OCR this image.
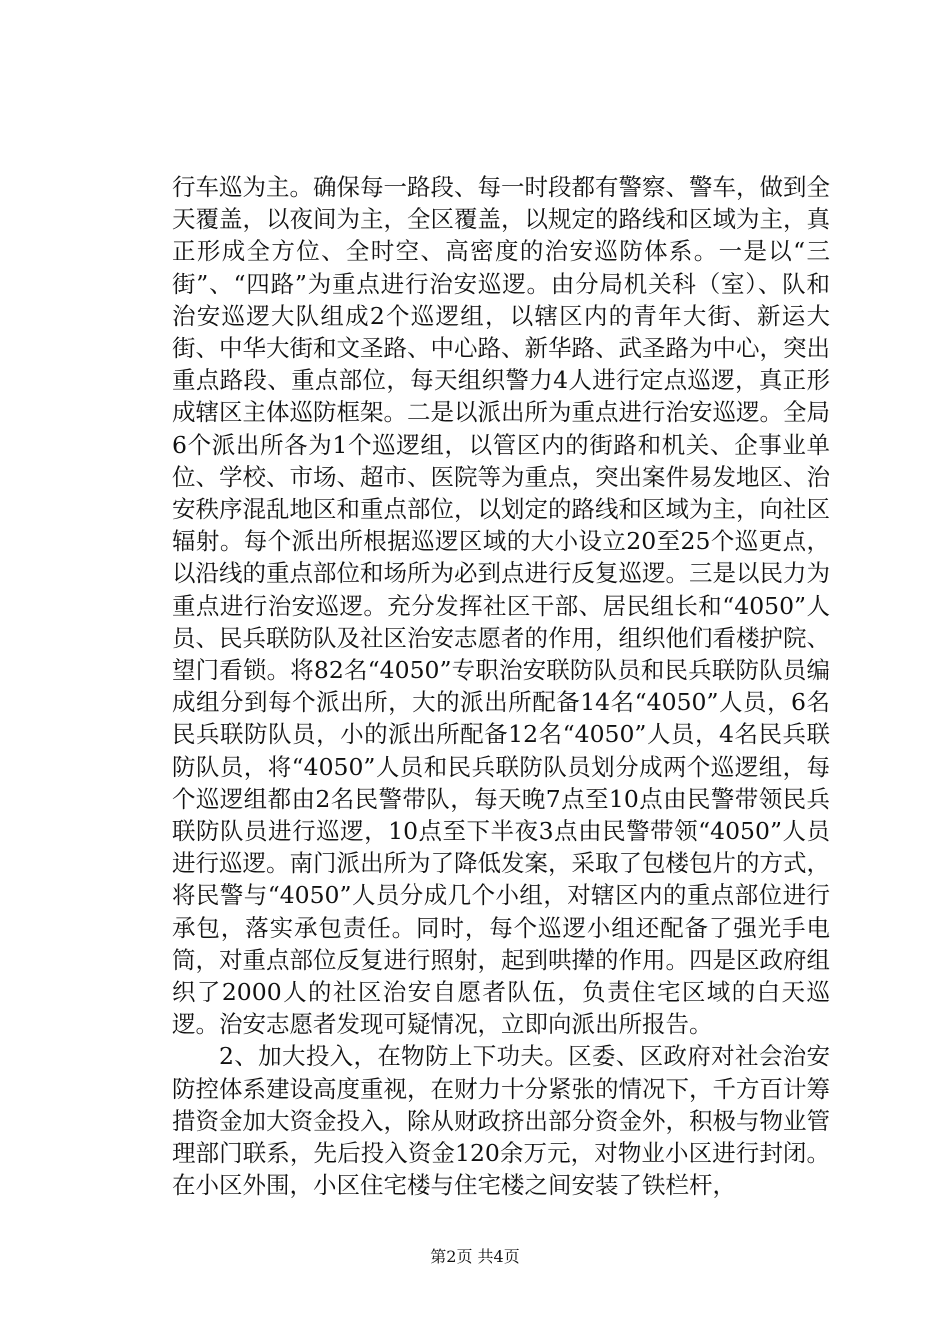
行车巡为主。确保每一路段、每一时段都有警察、警车，做到全天覆盖，以夜间为主，全区覆盖，以规定的路线和区域为主，真正形成全方位、全时空、高密度的治安巡防体系。一是以“三街”、“四路”为重点进行治安巡逻。由分局机关科（室）、队和治安巡逻大队组成2个巡逻组，以辖区内的青年大街、新运大街、中华大街和文圣路、中心路、新华路、武圣路为中心，突出重点路段、重点部位，每天组织警力4人进行定点巡逻，真正形成辖区主体巡防框架。二是以派出所为重点进行治安巡逻。全局6个派出所各为1个巡逻组，以管区内的街路和机关、企事业单位、学校、市场、超市、医院等为重点，突出案件易发地区、治安秩序混乱地区和重点部位，以划定的路线和区域为主，向社区辐射。每个派出所根据巡逻区域的大小设立20至25个巡更点，以沿线的重点部位和场所为必到点进行反复巡逻。三是以民力为重点进行治安巡逻。充分发挥社区干部、居民组长和“4050”人员、民兵联防队及社区治安志愿者的作用，组织他们看楼护院、望门看锁。将82名“4050”专职治安联防队员和民兵联防队员编成组分到每个派出所，大的派出所配备14名“4050”人员，6名民兵联防队员，小的派出所配备12名“4050”人员，4名民兵联防队员，将“4050”人员和民兵联防队员划分成两个巡逻组，每个巡逻组都由2名民警带队，每天晚7点至10点由民警带领民兵联防队员进行巡逻，10点至下半夜3点由民警带领“4050”人员进行巡逻。南门派出所为了降低发案，采取了包楼包片的方式，将民警与“4050”人员分成几个小组，对辖区内的重点部位进行承包，落实承包责任。同时，每个巡逻小组还配备了强光手电筒，对重点部位反复进行照射，起到哄撵的作用。四是区政府组织了2000人的社区治安自愿者队伍，负责住宅区域的白天巡逻。治安志愿者发现可疑情况，立即向派出所报告。

2、加大投入，在物防上下功夫。区委、区政府对社会治安防控体系建设高度重视，在财力十分紧张的情况下，千方百计筹措资金加大资金投入，除从财政挤出部分资金外，积极与物业管理部门联系，先后投入资金120余万元，对物业小区进行封闭。在小区外围，小区住宅楼与住宅楼之间安装了铁栏杆，

第2页 共4页
